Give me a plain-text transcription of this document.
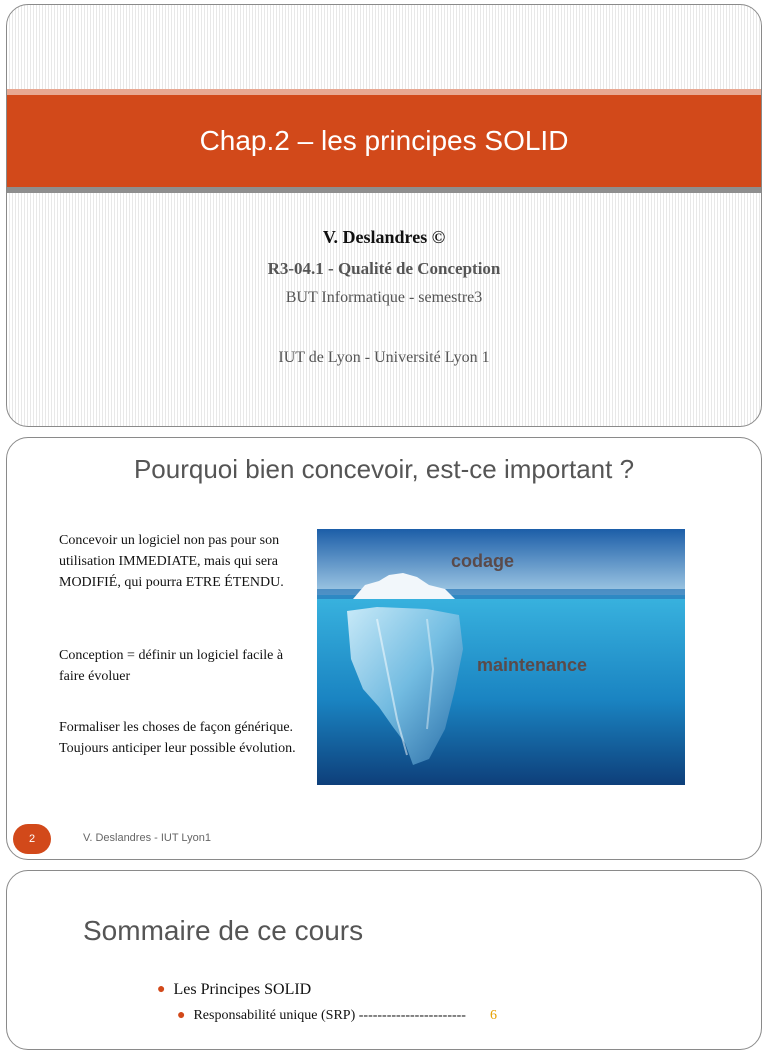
Chap.2 – les principes SOLID
V. Deslandres ©
R3-04.1 - Qualité de Conception
BUT Informatique - semestre3
IUT de Lyon - Université Lyon 1
Pourquoi bien concevoir, est-ce important ?

Concevoir un logiciel non pas pour son utilisation IMMEDIATE, mais qui sera MODIFIÉ, qui pourra ETRE ÉTENDU.

Conception = définir un logiciel facile à faire évoluer

Formaliser les choses de façon générique. Toujours anticiper leur possible évolution.

codage
maintenance
2	V. Deslandres - IUT Lyon1
Sommaire de ce cours
● Les Principes SOLID
● Responsabilité unique (SRP) ----------------------- 6
